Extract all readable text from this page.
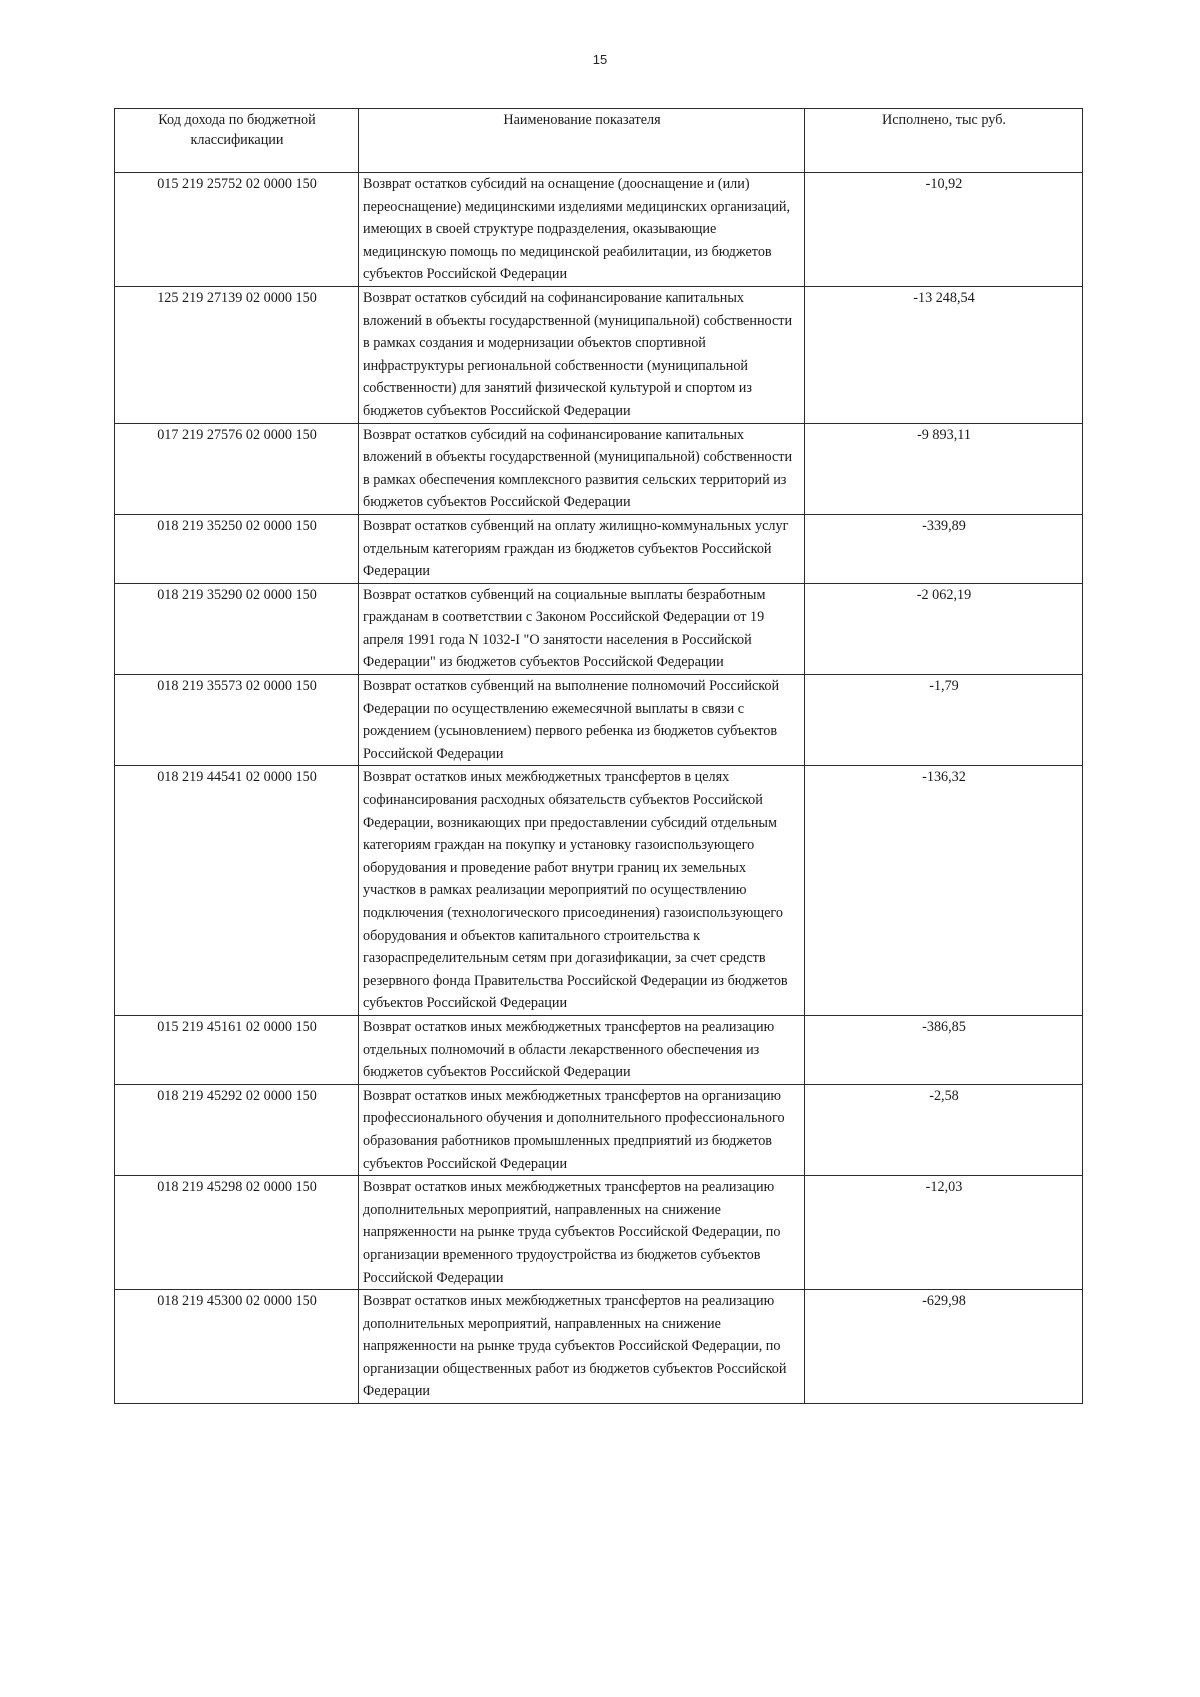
15
Код дохода по бюджетной классификации	Наименование показателя	Исполнено, тыс руб.
015 219 25752 02 0000 150	Возврат остатков субсидий на оснащение (дооснащение и (или) переоснащение) медицинскими изделиями медицинских организаций, имеющих в своей структуре подразделения, оказывающие медицинскую помощь по медицинской реабилитации, из бюджетов субъектов Российской Федерации	-10,92
125 219 27139 02 0000 150	Возврат остатков субсидий на софинансирование капитальных вложений в объекты государственной (муниципальной) собственности в рамках создания и модернизации объектов спортивной инфраструктуры региональной собственности (муниципальной собственности) для занятий физической культурой и спортом из бюджетов субъектов Российской Федерации	-13 248,54
017 219 27576 02 0000 150	Возврат остатков субсидий на софинансирование капитальных вложений в объекты государственной (муниципальной) собственности в рамках обеспечения комплексного развития сельских территорий из бюджетов субъектов Российской Федерации	-9 893,11
018 219 35250 02 0000 150	Возврат остатков субвенций на оплату жилищно-коммунальных услуг отдельным категориям граждан из бюджетов субъектов Российской Федерации	-339,89
018 219 35290 02 0000 150	Возврат остатков субвенций на социальные выплаты безработным гражданам в соответствии с Законом Российской Федерации от 19 апреля 1991 года N 1032-I "О занятости населения в Российской Федерации" из бюджетов субъектов Российской Федерации	-2 062,19
018 219 35573 02 0000 150	Возврат остатков субвенций на выполнение полномочий Российской Федерации по осуществлению ежемесячной выплаты в связи с рождением (усыновлением) первого ребенка из бюджетов субъектов Российской Федерации	-1,79
018 219 44541 02 0000 150	Возврат остатков иных межбюджетных трансфертов в целях софинансирования расходных обязательств субъектов Российской Федерации, возникающих при предоставлении субсидий отдельным категориям граждан на покупку и установку газоиспользующего оборудования и проведение работ внутри границ их земельных участков в рамках реализации мероприятий по осуществлению подключения (технологического присоединения) газоиспользующего оборудования и объектов капитального строительства к газораспределительным сетям при догазификации, за счет средств резервного фонда Правительства Российской Федерации из бюджетов субъектов Российской Федерации	-136,32
015 219 45161 02 0000 150	Возврат остатков иных межбюджетных трансфертов на реализацию отдельных полномочий в области лекарственного обеспечения из бюджетов субъектов Российской Федерации	-386,85
018 219 45292 02 0000 150	Возврат остатков иных межбюджетных трансфертов на организацию профессионального обучения и дополнительного профессионального образования работников промышленных предприятий из бюджетов субъектов Российской Федерации	-2,58
018 219 45298 02 0000 150	Возврат остатков иных межбюджетных трансфертов на реализацию дополнительных мероприятий, направленных на снижение напряженности на рынке труда субъектов Российской Федерации, по организации временного трудоустройства из бюджетов субъектов Российской Федерации	-12,03
018 219 45300 02 0000 150	Возврат остатков иных межбюджетных трансфертов на реализацию дополнительных мероприятий, направленных на снижение напряженности на рынке труда субъектов Российской Федерации, по организации общественных работ из бюджетов субъектов Российской Федерации	-629,98
